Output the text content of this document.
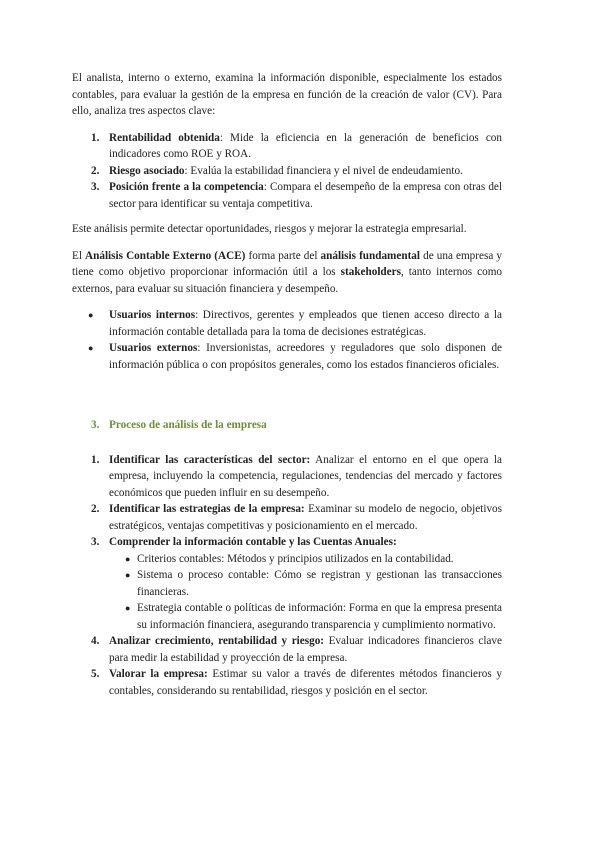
El analista, interno o externo, examina la información disponible, especialmente los estados contables, para evaluar la gestión de la empresa en función de la creación de valor (CV). Para ello, analiza tres aspectos clave:

1. Rentabilidad obtenida: Mide la eficiencia en la generación de beneficios con indicadores como ROE y ROA.
2. Riesgo asociado: Evalúa la estabilidad financiera y el nivel de endeudamiento.
3. Posición frente a la competencia: Compara el desempeño de la empresa con otras del sector para identificar su ventaja competitiva.

Este análisis permite detectar oportunidades, riesgos y mejorar la estrategia empresarial.

El Análisis Contable Externo (ACE) forma parte del análisis fundamental de una empresa y tiene como objetivo proporcionar información útil a los stakeholders, tanto internos como externos, para evaluar su situación financiera y desempeño.

● Usuarios internos: Directivos, gerentes y empleados que tienen acceso directo a la información contable detallada para la toma de decisiones estratégicas.
● Usuarios externos: Inversionistas, acreedores y reguladores que solo disponen de información pública o con propósitos generales, como los estados financieros oficiales.
3. Proceso de análisis de la empresa
1. Identificar las características del sector: Analizar el entorno en el que opera la empresa, incluyendo la competencia, regulaciones, tendencias del mercado y factores económicos que pueden influir en su desempeño.
2. Identificar las estrategias de la empresa: Examinar su modelo de negocio, objetivos estratégicos, ventajas competitivas y posicionamiento en el mercado.
3. Comprender la información contable y las Cuentas Anuales:
● Criterios contables: Métodos y principios utilizados en la contabilidad.
● Sistema o proceso contable: Cómo se registran y gestionan las transacciones financieras.
● Estrategia contable o políticas de información: Forma en que la empresa presenta su información financiera, asegurando transparencia y cumplimiento normativo.
4. Analizar crecimiento, rentabilidad y riesgo: Evaluar indicadores financieros clave para medir la estabilidad y proyección de la empresa.
5. Valorar la empresa: Estimar su valor a través de diferentes métodos financieros y contables, considerando su rentabilidad, riesgos y posición en el sector.
